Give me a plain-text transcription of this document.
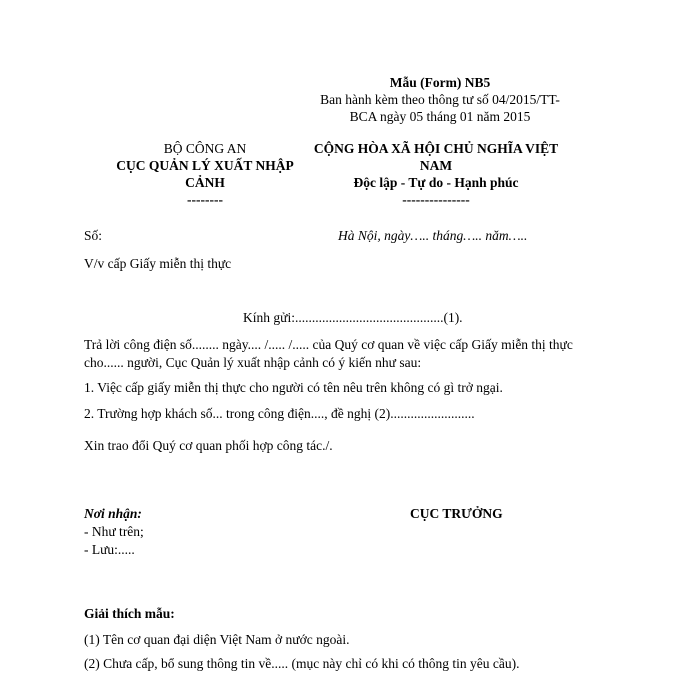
Mẫu (Form) NB5
Ban hành kèm theo thông tư số 04/2015/TT-
BCA ngày 05 tháng 01 năm 2015
BỘ CÔNG AN
CỤC QUẢN LÝ XUẤT NHẬP
CẢNH
--------
CỘNG HÒA XÃ HỘI CHỦ NGHĨA VIỆT
NAM
Độc lập - Tự do - Hạnh phúc
---------------
Số:	Hà Nội, ngày….. tháng….. năm…..
V/v cấp Giấy miễn thị thực
Kính gửi:............................................(1).
Trả lời công điện số........ ngày.... /..... /..... của Quý cơ quan về việc cấp Giấy miễn thị thực
cho...... người, Cục Quản lý xuất nhập cảnh có ý kiến như sau:
1. Việc cấp giấy miễn thị thực cho người có tên nêu trên không có gì trở ngại.
2. Trường hợp khách số... trong công điện...., đề nghị (2).........................
Xin trao đổi Quý cơ quan phối hợp công tác./.
Nơi nhận:
- Như trên;
- Lưu:.....
CỤC TRƯỞNG
Giải thích mẫu:
(1) Tên cơ quan đại diện Việt Nam ở nước ngoài.
(2) Chưa cấp, bổ sung thông tin về..... (mục này chỉ có khi có thông tin yêu cầu).
